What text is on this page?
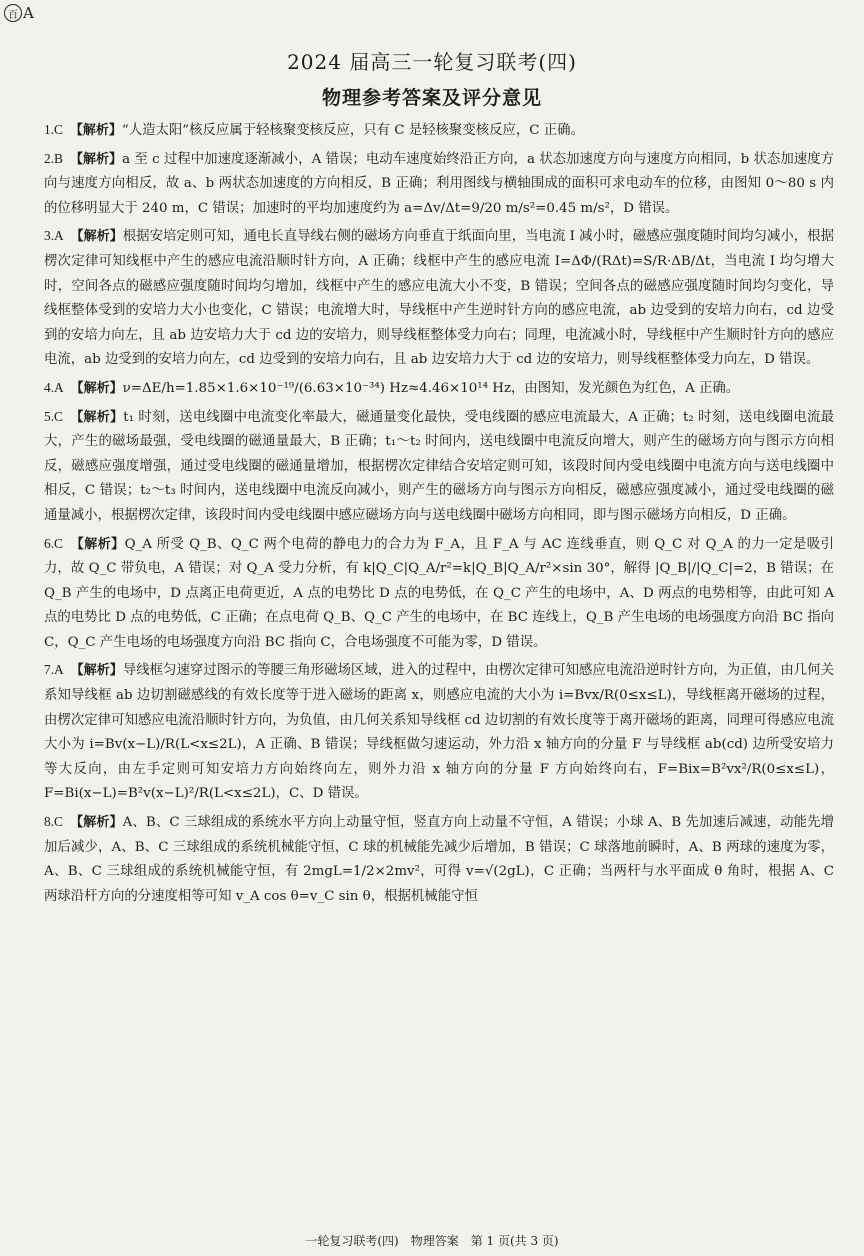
百 A
2024 届高三一轮复习联考(四)
物理参考答案及评分意见

1.C　 【解析】“人造太阳”核反应属于轻核聚变核反应，只有 C 是轻核聚变核反应，C 正确。

2.B　 【解析】a 至 c 过程中加速度逐渐减小，A 错误；电动车速度始终沿正方向，a 状态加速度方向与速度方向相同，b 状态加速度方向与速度方向相反，故 a、b 两状态加速度的方向相反，B 正确；利用图线与横轴围成的面积可求电动车的位移，由图知 0～80 s 内的位移明显大于 240 m，C 错误；加速时的平均加速度约为 a=Δv/Δt=9/20 m/s²=0.45 m/s²，D 错误。

3.A　 【解析】根据安培定则可知，通电长直导线右侧的磁场方向垂直于纸面向里，当电流 I 减小时，磁感应强度随时间均匀减小，根据楞次定律可知线框中产生的感应电流沿顺时针方向，A 正确；线框中产生的感应电流 I=ΔΦ/(RΔt)=S/R·ΔB/Δt，当电流 I 均匀增大时，空间各点的磁感应强度随时间均匀增加，线框中产生的感应电流大小不变，B 错误；空间各点的磁感应强度随时间均匀变化，导线框整体受到的安培力大小也变化，C 错误；电流增大时，导线框中产生逆时针方向的感应电流，ab 边受到的安培力向右，cd 边受到的安培力向左，且 ab 边安培力大于 cd 边的安培力，则导线框整体受力向右；同理，电流减小时，导线框中产生顺时针方向的感应电流，ab 边受到的安培力向左，cd 边受到的安培力向右，且 ab 边安培力大于 cd 边的安培力，则导线框整体受力向左，D 错误。

4.A　 【解析】ν=ΔE/h=1.85×1.6×10⁻¹⁹/(6.63×10⁻³⁴) Hz≈4.46×10¹⁴ Hz，由图知，发光颜色为红色，A 正确。

5.C　 【解析】t₁ 时刻，送电线圈中电流变化率最大，磁通量变化最快，受电线圈的感应电流最大，A 正确；t₂ 时刻，送电线圈电流最大，产生的磁场最强，受电线圈的磁通量最大，B 正确；t₁～t₂ 时间内，送电线圈中电流反向增大，则产生的磁场方向与图示方向相反，磁感应强度增强，通过受电线圈的磁通量增加，根据楞次定律结合安培定则可知，该段时间内受电线圈中电流方向与送电线圈中相反，C 错误；t₂～t₃ 时间内，送电线圈中电流反向减小，则产生的磁场方向与图示方向相反，磁感应强度减小，通过受电线圈的磁通量减小，根据楞次定律，该段时间内受电线圈中感应磁场方向与送电线圈中磁场方向相同，即与图示磁场方向相反，D 正确。

6.C　 【解析】Q_A 所受 Q_B、Q_C 两个电荷的静电力的合力为 F_A，且 F_A 与 AC 连线垂直，则 Q_C 对 Q_A 的力一定是吸引力，故 Q_C 带负电，A 错误；对 Q_A 受力分析，有 k|Q_C|Q_A/r²=k|Q_B|Q_A/r²×sin 30°，解得 |Q_B|/|Q_C|=2，B 错误；在 Q_B 产生的电场中，D 点离正电荷更近，A 点的电势比 D 点的电势低，在 Q_C 产生的电场中，A、D 两点的电势相等，由此可知 A 点的电势比 D 点的电势低，C 正确；在点电荷 Q_B、Q_C 产生的电场中，在 BC 连线上，Q_B 产生电场的电场强度方向沿 BC 指向 C，Q_C 产生电场的电场强度方向沿 BC 指向 C，合电场强度不可能为零，D 错误。

7.A　 【解析】导线框匀速穿过图示的等腰三角形磁场区域，进入的过程中，由楞次定律可知感应电流沿逆时针方向，为正值，由几何关系知导线框 ab 边切割磁感线的有效长度等于进入磁场的距离 x，则感应电流的大小为 i=Bvx/R(0≤x≤L)，导线框离开磁场的过程，由楞次定律可知感应电流沿顺时针方向，为负值，由几何关系知导线框 cd 边切割的有效长度等于离开磁场的距离，同理可得感应电流大小为 i=Bv(x−L)/R(L<x≤2L)，A 正确、B 错误；导线框做匀速运动，外力沿 x 轴方向的分量 F 与导线框 ab(cd) 边所受安培力等大反向，由左手定则可知安培力方向始终向左，则外力沿 x 轴方向的分量 F 方向始终向右，F=Bix=B²vx²/R(0≤x≤L)，F=Bi(x−L)=B²v(x−L)²/R(L<x≤2L)，C、D 错误。

8.C　 【解析】A、B、C 三球组成的系统水平方向上动量守恒，竖直方向上动量不守恒，A 错误；小球 A、B 先加速后减速，动能先增加后减少，A、B、C 三球组成的系统机械能守恒，C 球的机械能先减少后增加，B 错误；C 球落地前瞬时，A、B 两球的速度为零，A、B、C 三球组成的系统机械能守恒，有 2mgL=1/2×2mv²，可得 v=√(2gL)，C 正确；当两杆与水平面成 θ 角时，根据 A、C 两球沿杆方向的分速度相等可知 v_A cos θ=v_C sin θ，根据机械能守恒

一轮复习联考(四)　物理答案　第 1 页(共 3 页)
